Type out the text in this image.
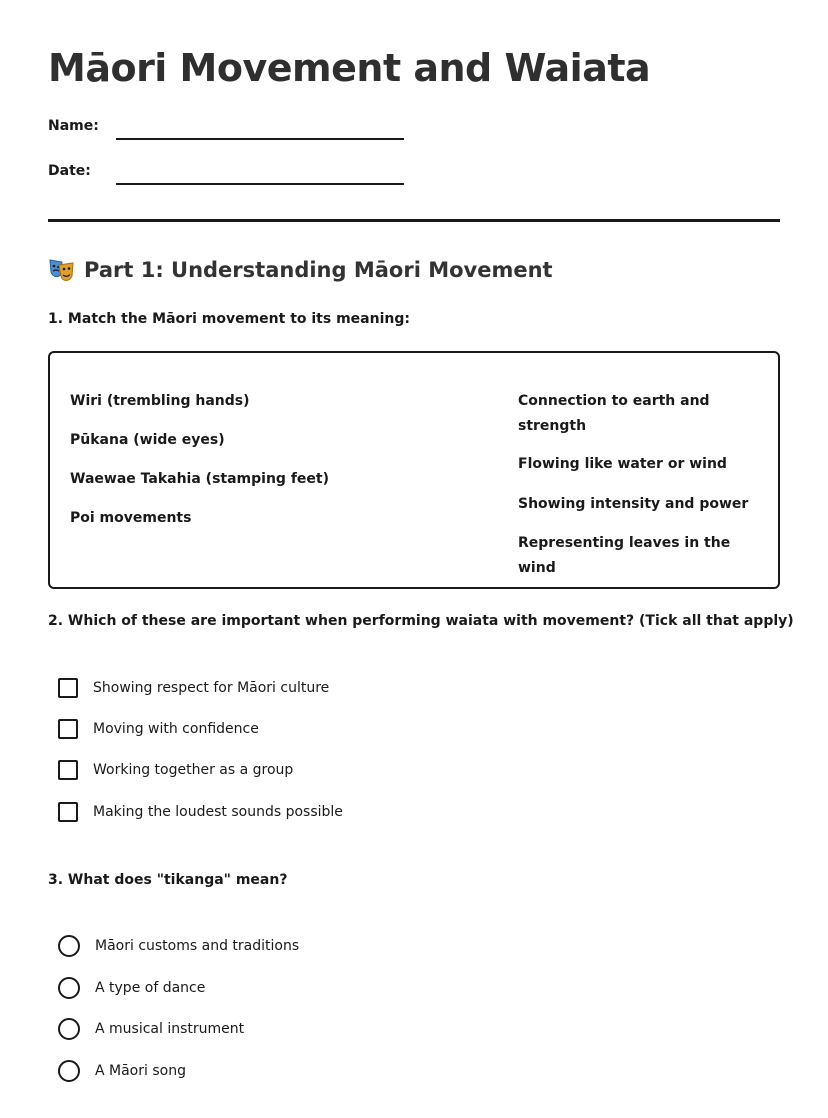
Māori Movement and Waiata
Name:
Date:
Part 1: Understanding Māori Movement

1. Match the Māori movement to its meaning:

Wiri (trembling hands)
Pūkana (wide eyes)
Waewae Takahia (stamping feet)
Poi movements
Connection to earth and strength
Flowing like water or wind
Showing intensity and power
Representing leaves in the wind

2. Which of these are important when performing waiata with movement? (Tick all that apply)

Showing respect for Māori culture
Moving with confidence
Working together as a group
Making the loudest sounds possible

3. What does "tikanga" mean?

Māori customs and traditions
A type of dance
A musical instrument
A Māori song
